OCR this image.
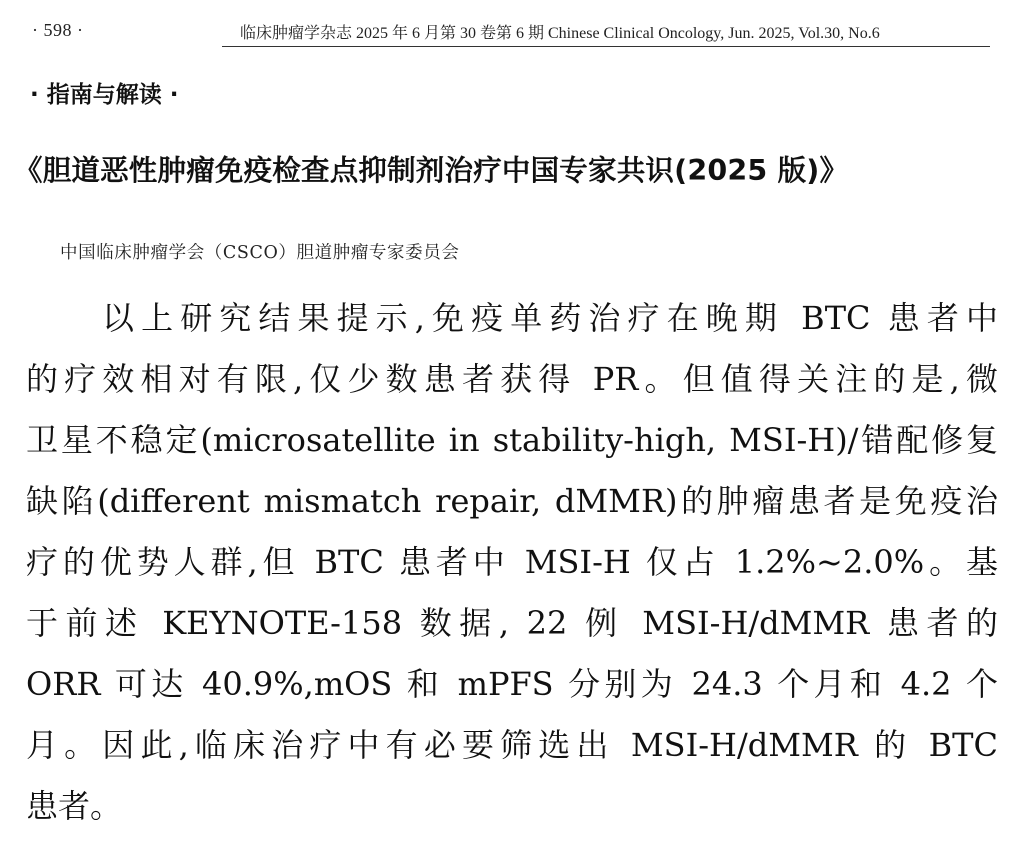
· 598 ·	临床肿瘤学杂志 2025 年 6 月第 30 卷第 6 期 Chinese Clinical Oncology, Jun. 2025, Vol.30, No.6
· 指南与解读 ·
《胆道恶性肿瘤免疫检查点抑制剂治疗中国专家共识(2025 版)》
中国临床肿瘤学会（CSCO）胆道肿瘤专家委员会
以上研究结果提示,免疫单药治疗在晚期 BTC 患者中
的疗效相对有限,仅少数患者获得 PR。但值得关注的是,微
卫星不稳定(microsatellite in stability-high, MSI-H)/错配修复
缺陷(different mismatch repair, dMMR)的肿瘤患者是免疫治
疗的优势人群,但 BTC 患者中 MSI-H 仅占 1.2%~2.0%。基
于前述 KEYNOTE-158 数据, 22 例 MSI-H/dMMR 患者的
ORR 可达 40.9%,mOS 和 mPFS 分别为 24.3 个月和 4.2 个
月。因此,临床治疗中有必要筛选出 MSI-H/dMMR 的 BTC
患者。
